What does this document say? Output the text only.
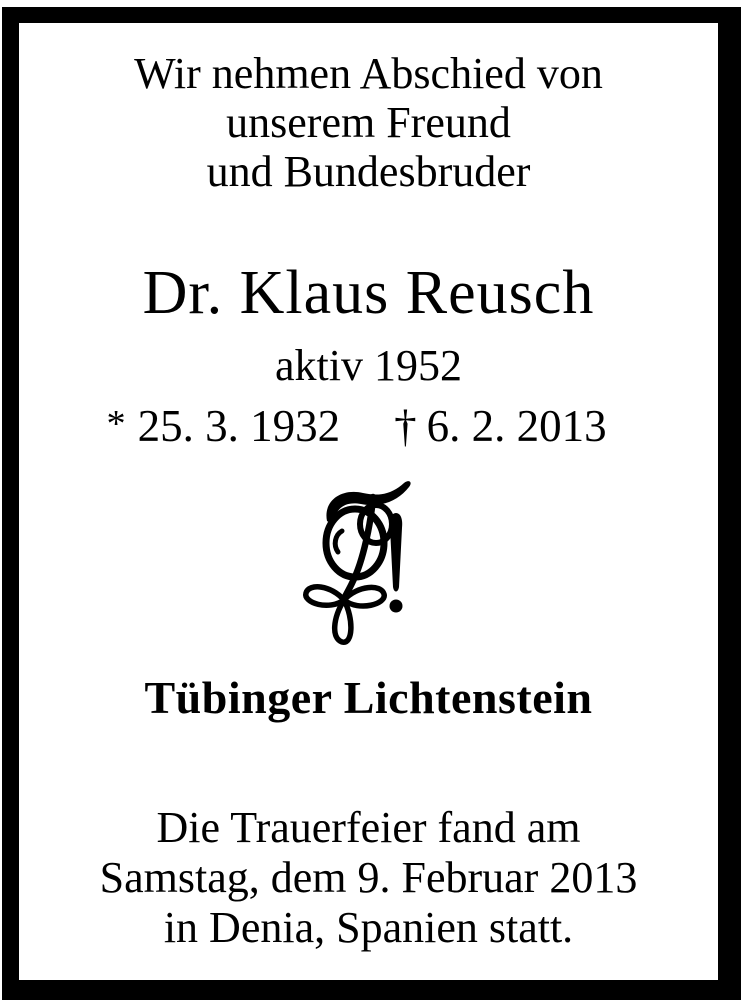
Wir nehmen Abschied von
unserem Freund
und Bundesbruder
Dr. Klaus Reusch
aktiv 1952
* 25. 3. 1932 † 6. 2. 2013
Tübinger Lichtenstein
Die Trauerfeier fand am
Samstag, dem 9. Februar 2013
in Denia, Spanien statt.
